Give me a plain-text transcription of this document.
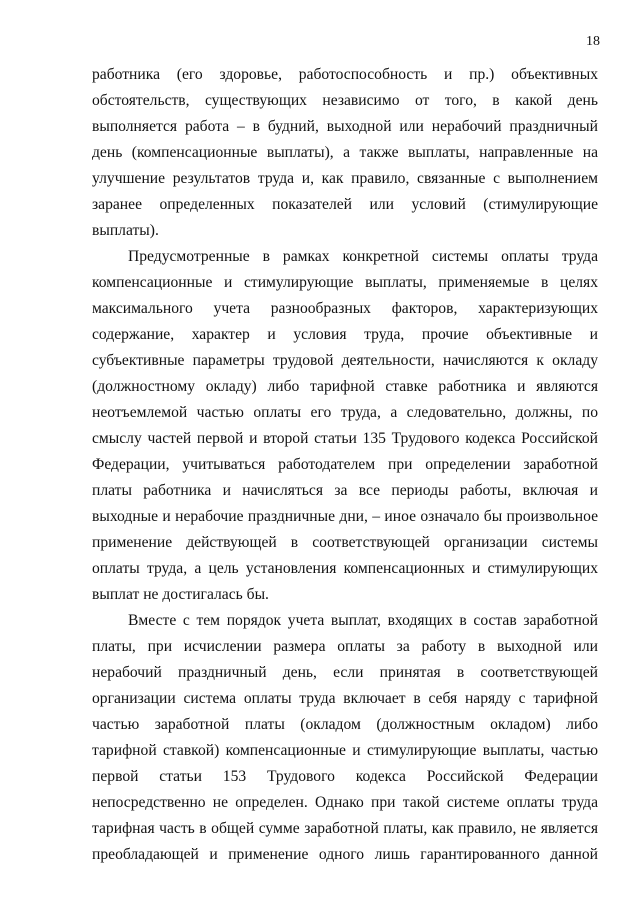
18
работника (его здоровье, работоспособность и пр.) объективных
обстоятельств, существующих независимо от того, в какой день
выполняется работа – в будний, выходной или нерабочий праздничный
день (компенсационные выплаты), а также выплаты, направленные на
улучшение результатов труда и, как правило, связанные с выполнением
заранее определенных показателей или условий (стимулирующие
выплаты).
Предусмотренные в рамках конкретной системы оплаты труда
компенсационные и стимулирующие выплаты, применяемые в целях
максимального учета разнообразных факторов, характеризующих
содержание, характер и условия труда, прочие объективные и
субъективные параметры трудовой деятельности, начисляются к окладу
(должностному окладу) либо тарифной ставке работника и являются
неотъемлемой частью оплаты его труда, а следовательно, должны, по
смыслу частей первой и второй статьи 135 Трудового кодекса Российской
Федерации, учитываться работодателем при определении заработной
платы работника и начисляться за все периоды работы, включая и
выходные и нерабочие праздничные дни, – иное означало бы произвольное
применение действующей в соответствующей организации системы
оплаты труда, а цель установления компенсационных и стимулирующих
выплат не достигалась бы.
Вместе с тем порядок учета выплат, входящих в состав заработной
платы, при исчислении размера оплаты за работу в выходной или
нерабочий праздничный день, если принятая в соответствующей
организации система оплаты труда включает в себя наряду с тарифной
частью заработной платы (окладом (должностным окладом) либо
тарифной ставкой) компенсационные и стимулирующие выплаты, частью
первой статьи 153 Трудового кодекса Российской Федерации
непосредственно не определен. Однако при такой системе оплаты труда
тарифная часть в общей сумме заработной платы, как правило, не является
преобладающей и применение одного лишь гарантированного данной
